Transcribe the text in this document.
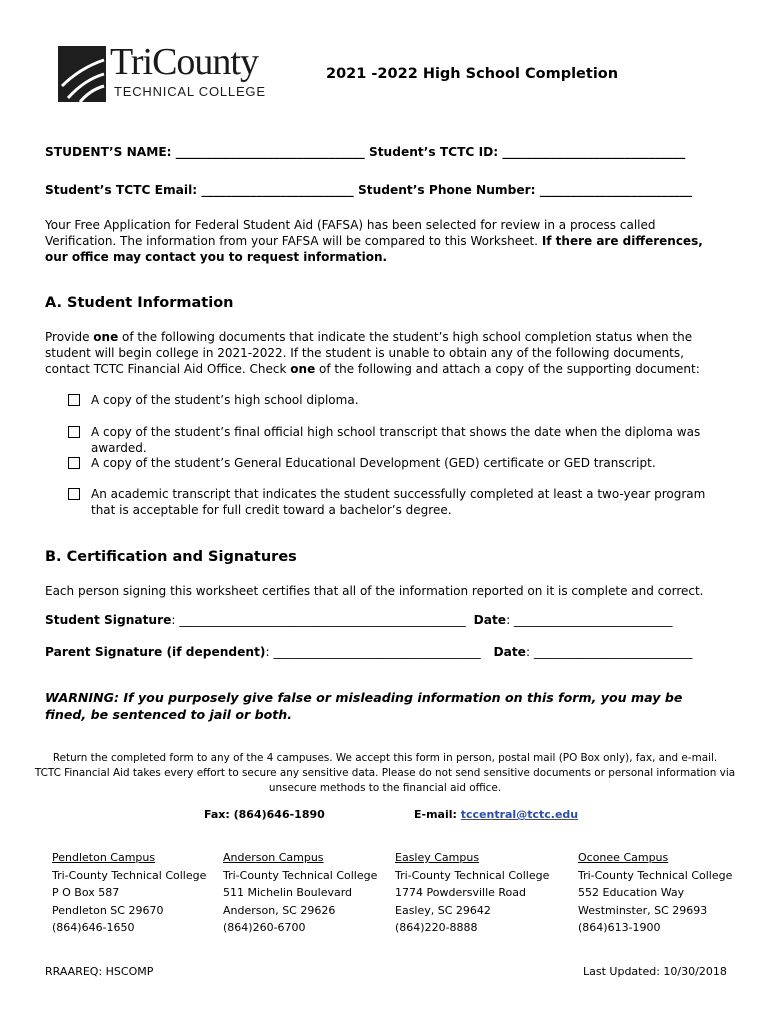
TriCounty
TECHNICAL COLLEGE
2021 -2022 High School Completion
STUDENT’S NAME: _______________________________ Student’s TCTC ID: ______________________________
Student’s TCTC Email: _________________________ Student’s Phone Number: _________________________
Your Free Application for Federal Student Aid (FAFSA) has been selected for review in a process called Verification. The information from your FAFSA will be compared to this Worksheet. If there are differences, our office may contact you to request information.
A. Student Information
Provide one of the following documents that indicate the student’s high school completion status when the student will begin college in 2021-2022. If the student is unable to obtain any of the following documents, contact TCTC Financial Aid Office. Check one of the following and attach a copy of the supporting document:
A copy of the student’s high school diploma.
A copy of the student’s final official high school transcript that shows the date when the diploma was awarded.
A copy of the student’s General Educational Development (GED) certificate or GED transcript.
An academic transcript that indicates the student successfully completed at least a two-year program that is acceptable for full credit toward a bachelor’s degree.
B. Certification and Signatures
Each person signing this worksheet certifies that all of the information reported on it is complete and correct.
Student Signature: _______________________________________________ Date: __________________________
Parent Signature (if dependent): __________________________________ Date: __________________________
WARNING: If you purposely give false or misleading information on this form, you may be fined, be sentenced to jail or both.
Return the completed form to any of the 4 campuses. We accept this form in person, postal mail (PO Box only), fax, and e-mail.
TCTC Financial Aid takes every effort to secure any sensitive data. Please do not send sensitive documents or personal information via
unsecure methods to the financial aid office.
Fax: (864)646-1890	E-mail: tccentral@tctc.edu
Pendleton Campus
Tri-County Technical College
P O Box 587
Pendleton SC 29670
(864)646-1650
Anderson Campus
Tri-County Technical College
511 Michelin Boulevard
Anderson, SC 29626
(864)260-6700
Easley Campus
Tri-County Technical College
1774 Powdersville Road
Easley, SC 29642
(864)220-8888
Oconee Campus
Tri-County Technical College
552 Education Way
Westminster, SC 29693
(864)613-1900
RRAAREQ: HSCOMP	Last Updated: 10/30/2018
